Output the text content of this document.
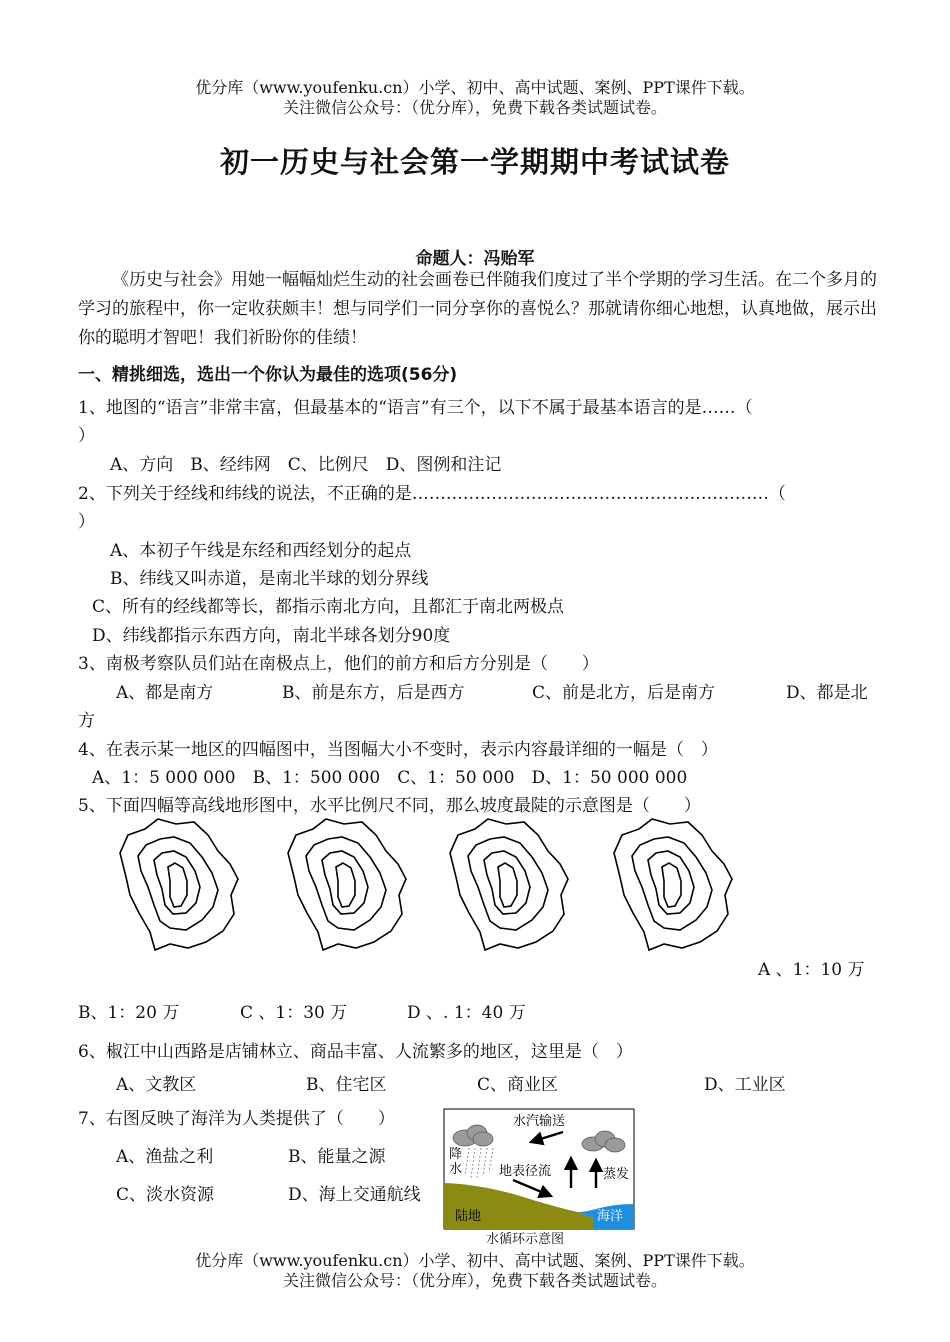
优分库（www.youfenku.cn）小学、初中、高中试题、案例、PPT课件下载。
关注微信公众号：（优分库），免费下载各类试题试卷。
初一历史与社会第一学期期中考试试卷
命题人：冯贻军
《历史与社会》用她一幅幅灿烂生动的社会画卷已伴随我们度过了半个学期的学习生活。在二个多月的学习的旅程中，你一定收获颇丰！想与同学们一同分享你的喜悦么？那就请你细心地想，认真地做，展示出你的聪明才智吧！我们祈盼你的佳绩！
一、精挑细选，选出一个你认为最佳的选项(56分)
1、地图的“语言”非常丰富，但最基本的“语言”有三个，以下不属于最基本语言的是……（
）
A、方向　B、经纬网　C、比例尺　D、图例和注记
2、下列关于经线和纬线的说法，不正确的是………………………………………………………（
）
A、本初子午线是东经和西经划分的起点
B、纬线又叫赤道，是南北半球的划分界线
C、所有的经线都等长，都指示南北方向，且都汇于南北两极点
D、纬线都指示东西方向，南北半球各划分90度
3、南极考察队员们站在南极点上，他们的前方和后方分别是（　　）
A、都是南方	B、前是东方，后是西方	C、前是北方，后是南方	D、都是北
方
4、在表示某一地区的四幅图中，当图幅大小不变时，表示内容最详细的一幅是（　）
A、1：5 000 000　B、1：500 000　C、1：50 000　D、1：50 000 000
5、下面四幅等高线地形图中，水平比例尺不同，那么坡度最陡的示意图是（　　）
A 、1：10 万
B、1：20 万	C 、1：30 万	D 、. 1：40 万
6、椒江中山西路是店铺林立、商品丰富、人流繁多的地区，这里是（　）
A、文教区	B、住宅区	C、商业区	D、工业区
7、右图反映了海洋为人类提供了（　　）
A、渔盐之利	B、能量之源
C、淡水资源	D、海上交通航线
水汽输送
降
水	地表径流	蒸发
陆地	海洋
水循环示意图
优分库（www.youfenku.cn）小学、初中、高中试题、案例、PPT课件下载。
关注微信公众号：（优分库），免费下载各类试题试卷。
